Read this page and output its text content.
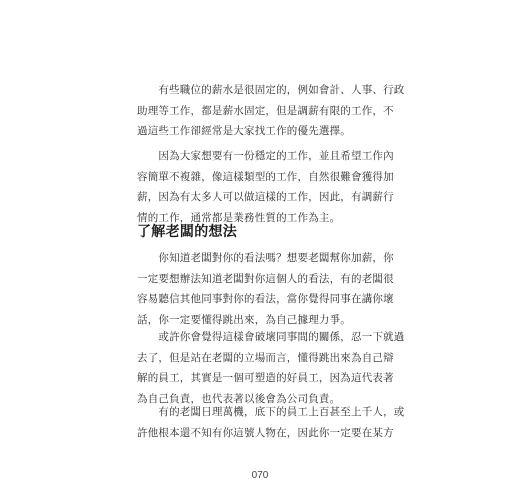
　　有些職位的薪水是很固定的，例如會計、人事、行政
助理等工作，都是薪水固定，但是調薪有限的工作，不
過這些工作卻經常是大家找工作的優先選擇。

　　因為大家想要有一份穩定的工作，並且希望工作內
容簡單不複雜，像這樣類型的工作，自然很難會獲得加
薪，因為有太多人可以做這樣的工作，因此，有調薪行
情的工作，通常都是業務性質的工作為主。

了解老闆的想法

　　你知道老闆對你的看法嗎？想要老闆幫你加薪，你
一定要想辦法知道老闆對你這個人的看法，有的老闆很
容易聽信其他同事對你的看法，當你覺得同事在講你壞
話，你一定要懂得跳出來，為自己據理力爭。

　　或許你會覺得這樣會破壞同事間的關係，忍一下就過
去了，但是站在老闆的立場而言，懂得跳出來為自己辯
解的員工，其實是一個可塑造的好員工，因為這代表著
為自己負責，也代表著以後會為公司負責。

　　有的老闆日理萬機，底下的員工上百甚至上千人，或
許他根本還不知有你這號人物在，因此你一定要在某方

070
